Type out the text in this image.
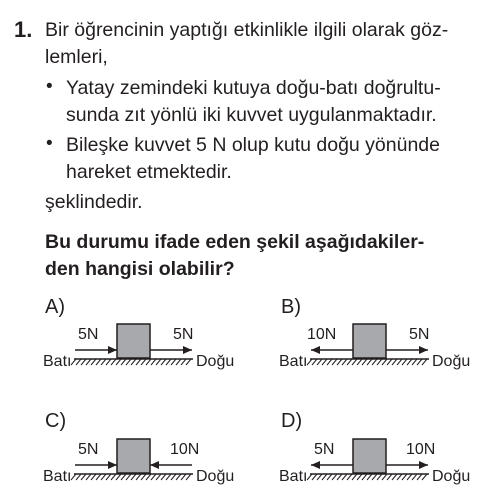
1. Bir öğrencinin yaptığı etkinlikle ilgili olarak göz-
lemleri,
• Yatay zemindeki kutuya doğu-batı doğrultu-
sunda zıt yönlü iki kuvvet uygulanmaktadır.
• Bileşke kuvvet 5 N olup kutu doğu yönünde
hareket etmektedir.
şeklindedir.
Bu durumu ifade eden şekil aşağıdakiler-
den hangisi olabilir?
A)
5N	5N
Batı	Doğu
B)
10N	5N
Batı	Doğu
C)
5N	10N
Batı	Doğu
D)
5N	10N
Batı	Doğu
